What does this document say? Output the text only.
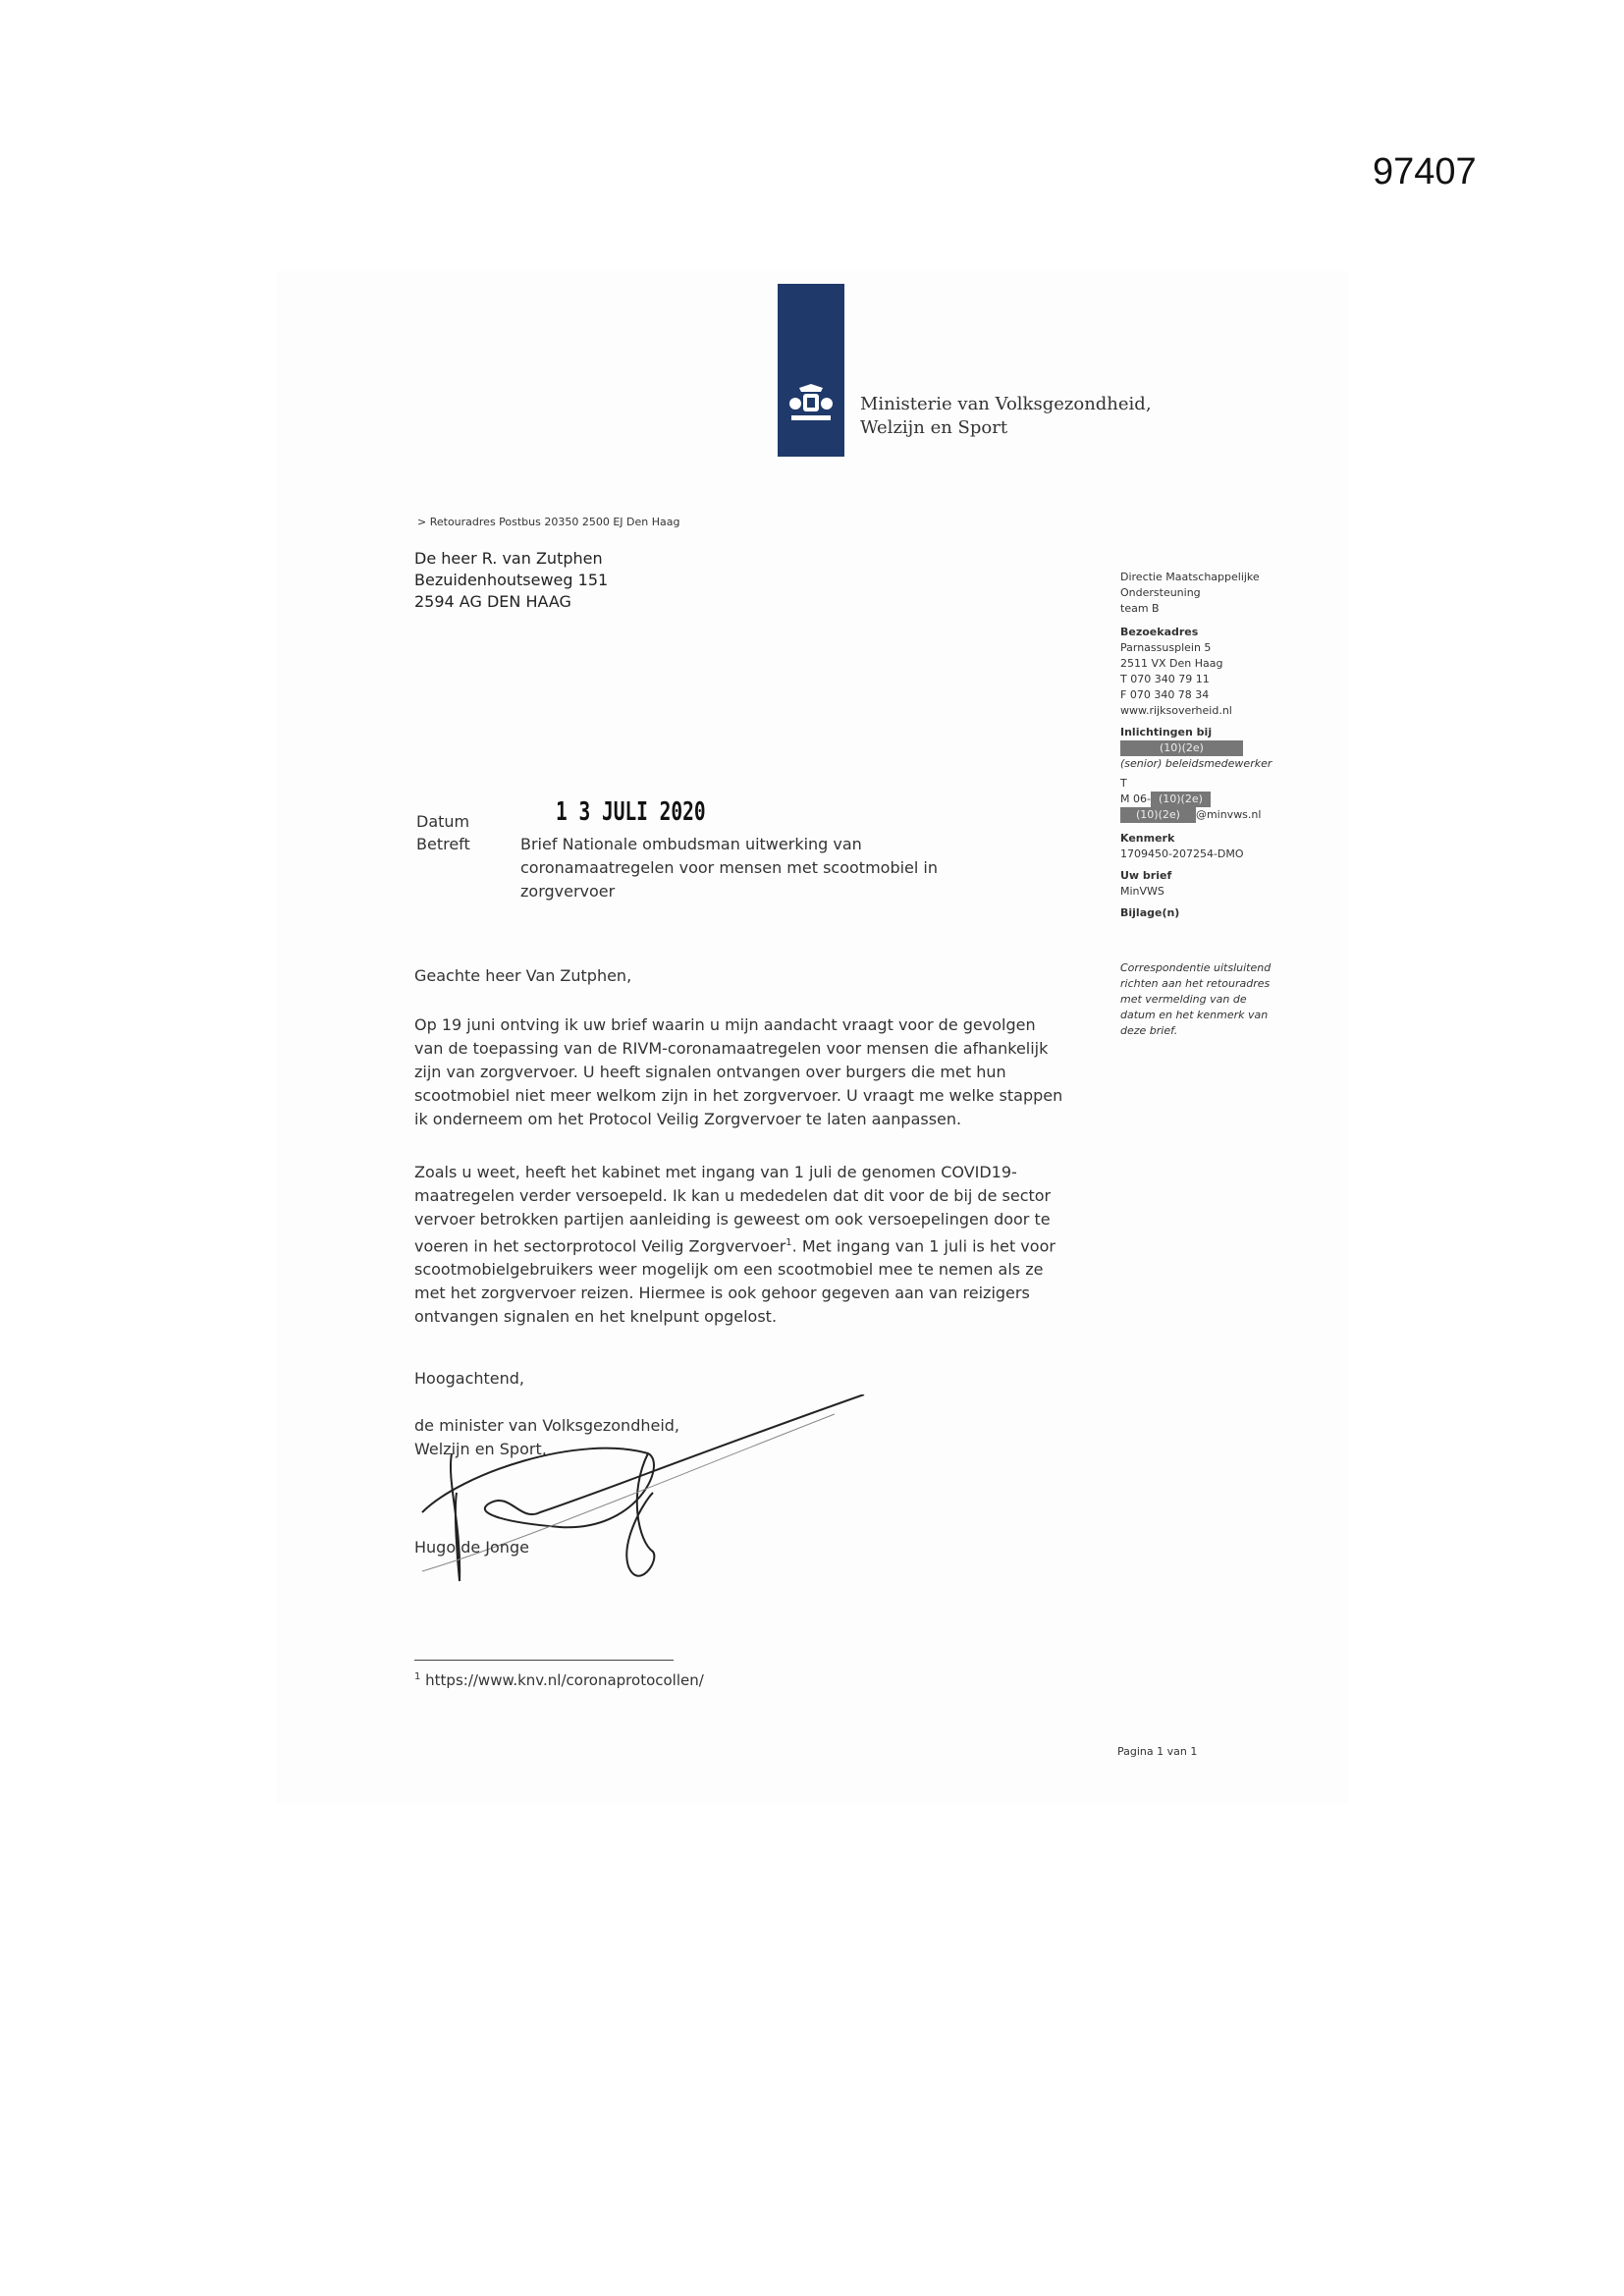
97407
Ministerie van Volksgezondheid,
Welzijn en Sport
> Retouradres Postbus 20350 2500 EJ Den Haag
De heer R. van Zutphen
Bezuidenhoutseweg 151
2594 AG DEN HAAG
Directie Maatschappelijke
Ondersteuning
team B
Bezoekadres
Parnassusplein 5
2511 VX Den Haag
T 070 340 79 11
F 070 340 78 34
www.rijksoverheid.nl
Inlichtingen bij
(10)(2e)
(senior) beleidsmedewerker
T
M 06- (10)(2e)
(10)(2e) @minvws.nl
Kenmerk
1709450-207254-DMO
Uw brief
MinVWS
Bijlage(n)
Correspondentie uitsluitend
richten aan het retouradres
met vermelding van de
datum en het kenmerk van
deze brief.
Datum	1 3 JULI 2020
Betreft	Brief Nationale ombudsman uitwerking van
coronamaatregelen voor mensen met scootmobiel in
zorgvervoer
Geachte heer Van Zutphen,
Op 19 juni ontving ik uw brief waarin u mijn aandacht vraagt voor de gevolgen
van de toepassing van de RIVM-coronamaatregelen voor mensen die afhankelijk
zijn van zorgvervoer. U heeft signalen ontvangen over burgers die met hun
scootmobiel niet meer welkom zijn in het zorgvervoer. U vraagt me welke stappen
ik onderneem om het Protocol Veilig Zorgvervoer te laten aanpassen.
Zoals u weet, heeft het kabinet met ingang van 1 juli de genomen COVID19-
maatregelen verder versoepeld. Ik kan u mededelen dat dit voor de bij de sector
vervoer betrokken partijen aanleiding is geweest om ook versoepelingen door te
voeren in het sectorprotocol Veilig Zorgvervoer$^1$. Met ingang van 1 juli is het voor
scootmobielgebruikers weer mogelijk om een scootmobiel mee te nemen als ze
met het zorgvervoer reizen. Hiermee is ook gehoor gegeven aan van reizigers
ontvangen signalen en het knelpunt opgelost.
Hoogachtend,
de minister van Volksgezondheid,
Welzijn en Sport,
Hugo de Jonge
$^1$ https://www.knv.nl/coronaprotocollen/
Pagina 1 van 1
